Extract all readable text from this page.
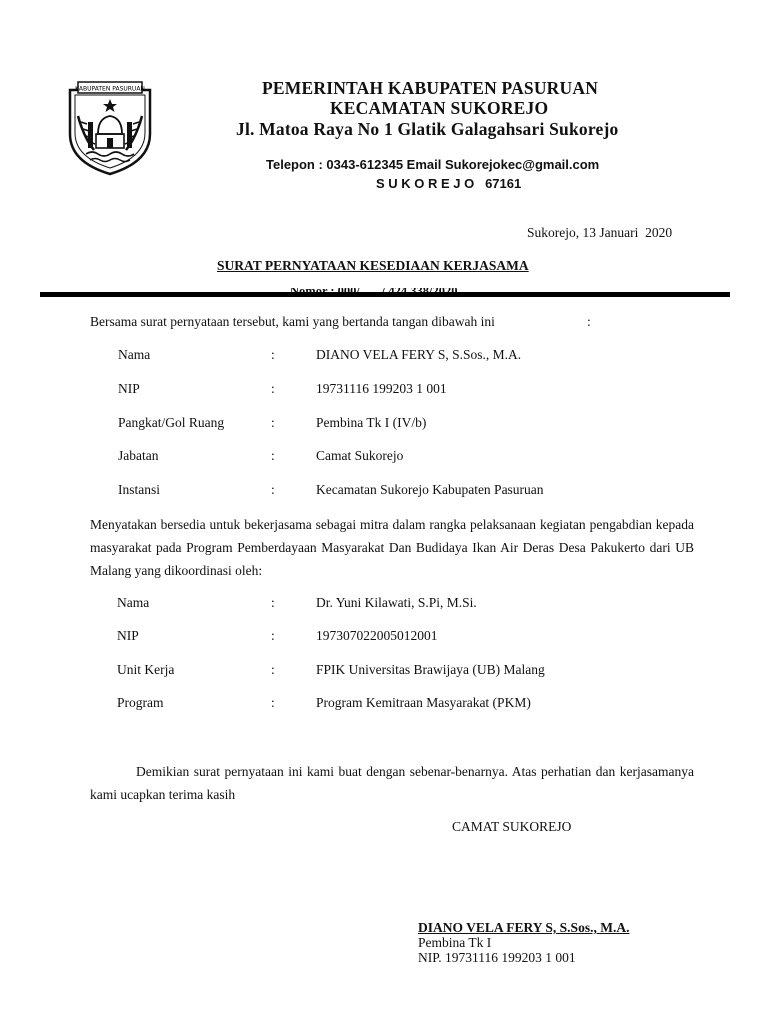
KABUPATEN PASURUAN	PEMERINTAH KABUPATEN PASURUAN
KECAMATAN SUKOREJO
Jl. Matoa Raya No 1 Glatik Galagahsari Sukorejo
Telepon : 0343-612345 Email Sukorejokec@gmail.com
S U K O R E J O   67161
Sukorejo, 13 Januari  2020
SURAT PERNYATAAN KESEDIAAN KERJASAMA
Bersama surat pernyataan tersebut, kami yang bertanda tangan dibawah ini	:
Nama	:	DIANO VELA FERY S, S.Sos., M.A.
NIP	:	19731116 199203 1 001
Pangkat/Gol Ruang	:	Pembina Tk I (IV/b)
Jabatan	:	Camat Sukorejo
Instansi	:	Kecamatan Sukorejo Kabupaten Pasuruan
Menyatakan bersedia untuk bekerjasama sebagai mitra dalam rangka pelaksanaan kegiatan pengabdian kepada masyarakat pada Program Pemberdayaan Masyarakat Dan Budidaya Ikan Air Deras Desa Pakukerto dari UB Malang yang dikoordinasi oleh:
Nama	:	Dr. Yuni Kilawati, S.Pi, M.Si.
NIP	:	197307022005012001
Unit Kerja	:	FPIK Universitas Brawijaya (UB) Malang
Program	:	Program Kemitraan Masyarakat (PKM)
Demikian surat pernyataan ini kami buat dengan sebenar-benarnya. Atas perhatian dan kerjasamanya kami ucapkan terima kasih
CAMAT SUKOREJO
DIANO VELA FERY S, S.Sos., M.A.
Pembina Tk I
NIP. 19731116 199203 1 001
